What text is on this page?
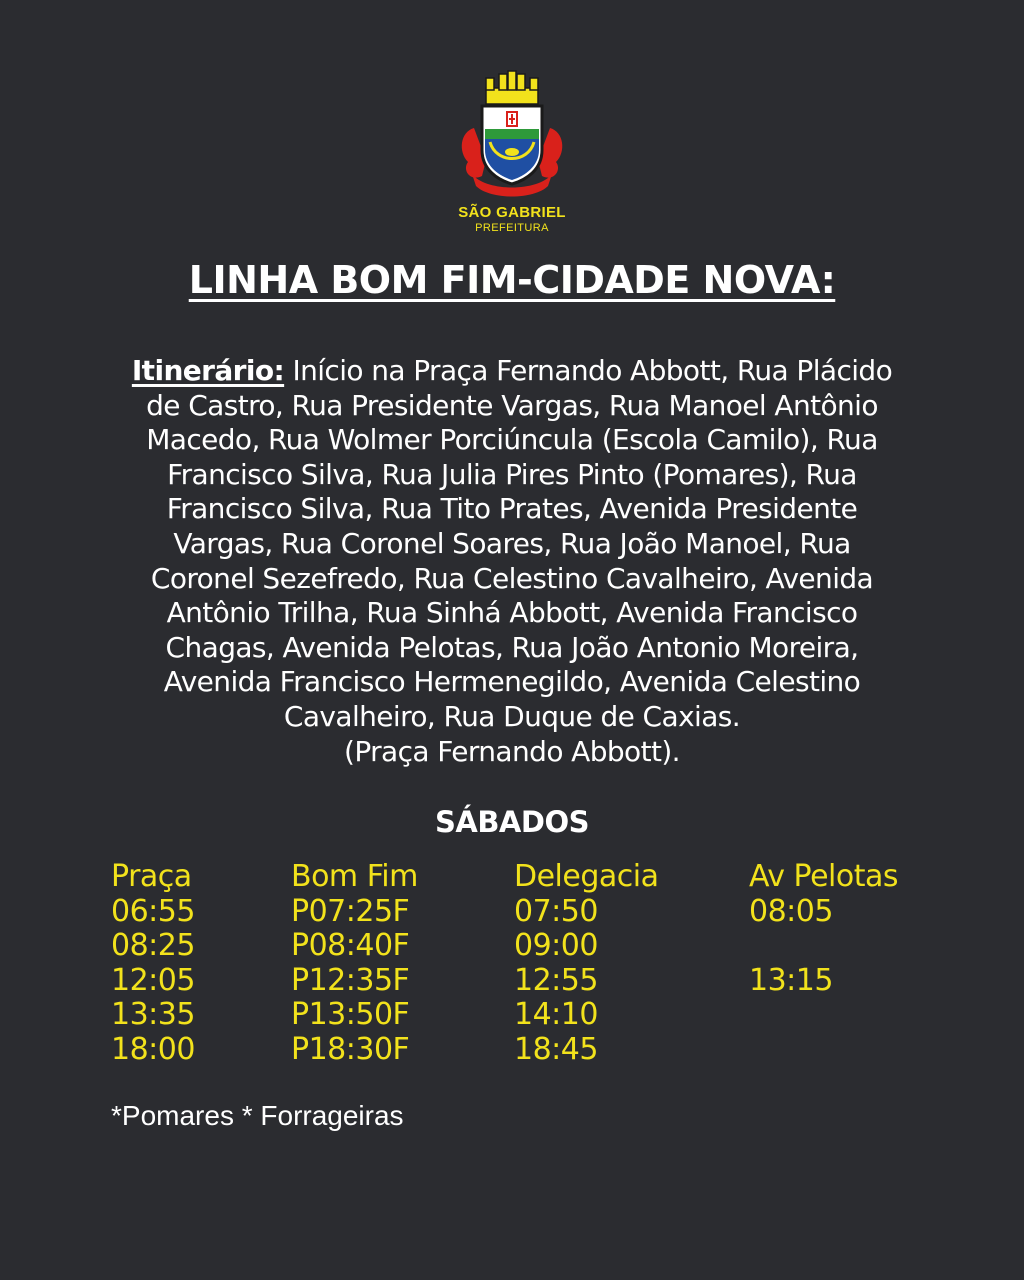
SÃO GABRIEL
PREFEITURA
LINHA BOM FIM-CIDADE NOVA:
Itinerário: Início na Praça Fernando Abbott, Rua Plácido
de Castro, Rua Presidente Vargas, Rua Manoel Antônio
Macedo, Rua Wolmer Porciúncula (Escola Camilo), Rua
Francisco Silva, Rua Julia Pires Pinto (Pomares), Rua
Francisco Silva, Rua Tito Prates, Avenida Presidente
Vargas, Rua Coronel Soares, Rua João Manoel, Rua
Coronel Sezefredo, Rua Celestino Cavalheiro, Avenida
Antônio Trilha, Rua Sinhá Abbott, Avenida Francisco
Chagas, Avenida Pelotas, Rua João Antonio Moreira,
Avenida Francisco Hermenegildo, Avenida Celestino
Cavalheiro, Rua Duque de Caxias.
(Praça Fernando Abbott).
SÁBADOS
Praça
06:55
08:25
12:05
13:35
18:00
Bom Fim
P07:25F
P08:40F
P12:35F
P13:50F
P18:30F
Delegacia
07:50
09:00
12:55
14:10
18:45
Av Pelotas
08:05
13:15
*Pomares * Forrageiras
